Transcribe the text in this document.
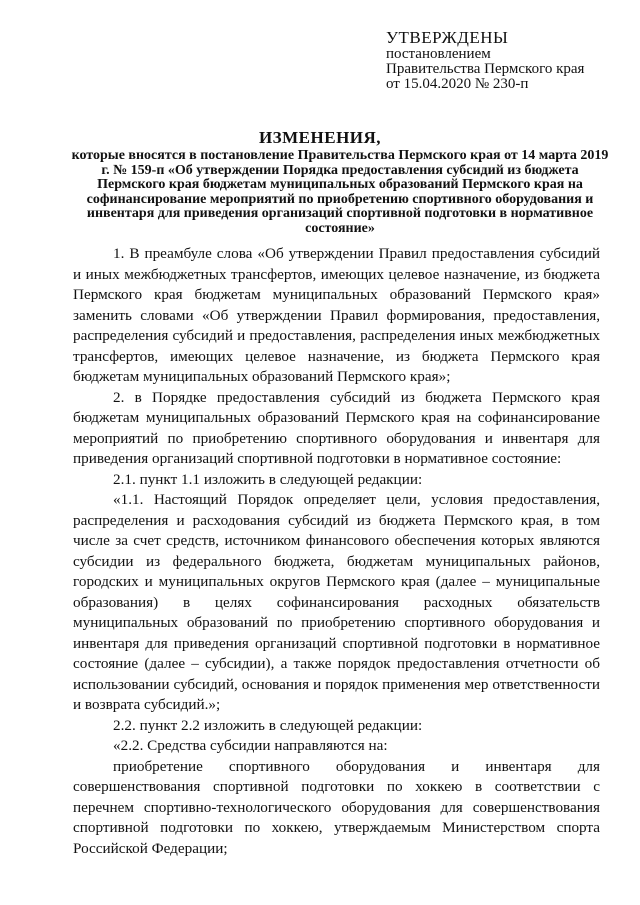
УТВЕРЖДЕНЫ
постановлением
Правительства Пермского края
от 15.04.2020 № 230-п
ИЗМЕНЕНИЯ,
которые вносятся в постановление Правительства Пермского края от 14 марта 2019 г. № 159-п «Об утверждении Порядка предоставления субсидий из бюджета Пермского края бюджетам муниципальных образований Пермского края на софинансирование мероприятий по приобретению спортивного оборудования и инвентаря для приведения организаций спортивной подготовки в нормативное состояние»

1. В преамбуле слова «Об утверждении Правил предоставления субсидий и иных межбюджетных трансфертов, имеющих целевое назначение, из бюджета Пермского края бюджетам муниципальных образований Пермского края» заменить словами «Об утверждении Правил формирования, предоставления, распределения субсидий и предоставления, распределения иных межбюджетных трансфертов, имеющих целевое назначение, из бюджета Пермского края бюджетам муниципальных образований Пермского края»;

2. в Порядке предоставления субсидий из бюджета Пермского края бюджетам муниципальных образований Пермского края на софинансирование мероприятий по приобретению спортивного оборудования и инвентаря для приведения организаций спортивной подготовки в нормативное состояние:

2.1. пункт 1.1 изложить в следующей редакции:

«1.1. Настоящий Порядок определяет цели, условия предоставления, распределения и расходования субсидий из бюджета Пермского края, в том числе за счет средств, источником финансового обеспечения которых являются субсидии из федерального бюджета, бюджетам муниципальных районов, городских и муниципальных округов Пермского края (далее – муниципальные образования) в целях софинансирования расходных обязательств муниципальных образований по приобретению спортивного оборудования и инвентаря для приведения организаций спортивной подготовки в нормативное состояние (далее – субсидии), а также порядок предоставления отчетности об использовании субсидий, основания и порядок применения мер ответственности и возврата субсидий.»;

2.2. пункт 2.2 изложить в следующей редакции:

«2.2. Средства субсидии направляются на:

приобретение спортивного оборудования и инвентаря для совершенствования спортивной подготовки по хоккею в соответствии с перечнем спортивно-технологического оборудования для совершенствования спортивной подготовки по хоккею, утверждаемым Министерством спорта Российской Федерации;
